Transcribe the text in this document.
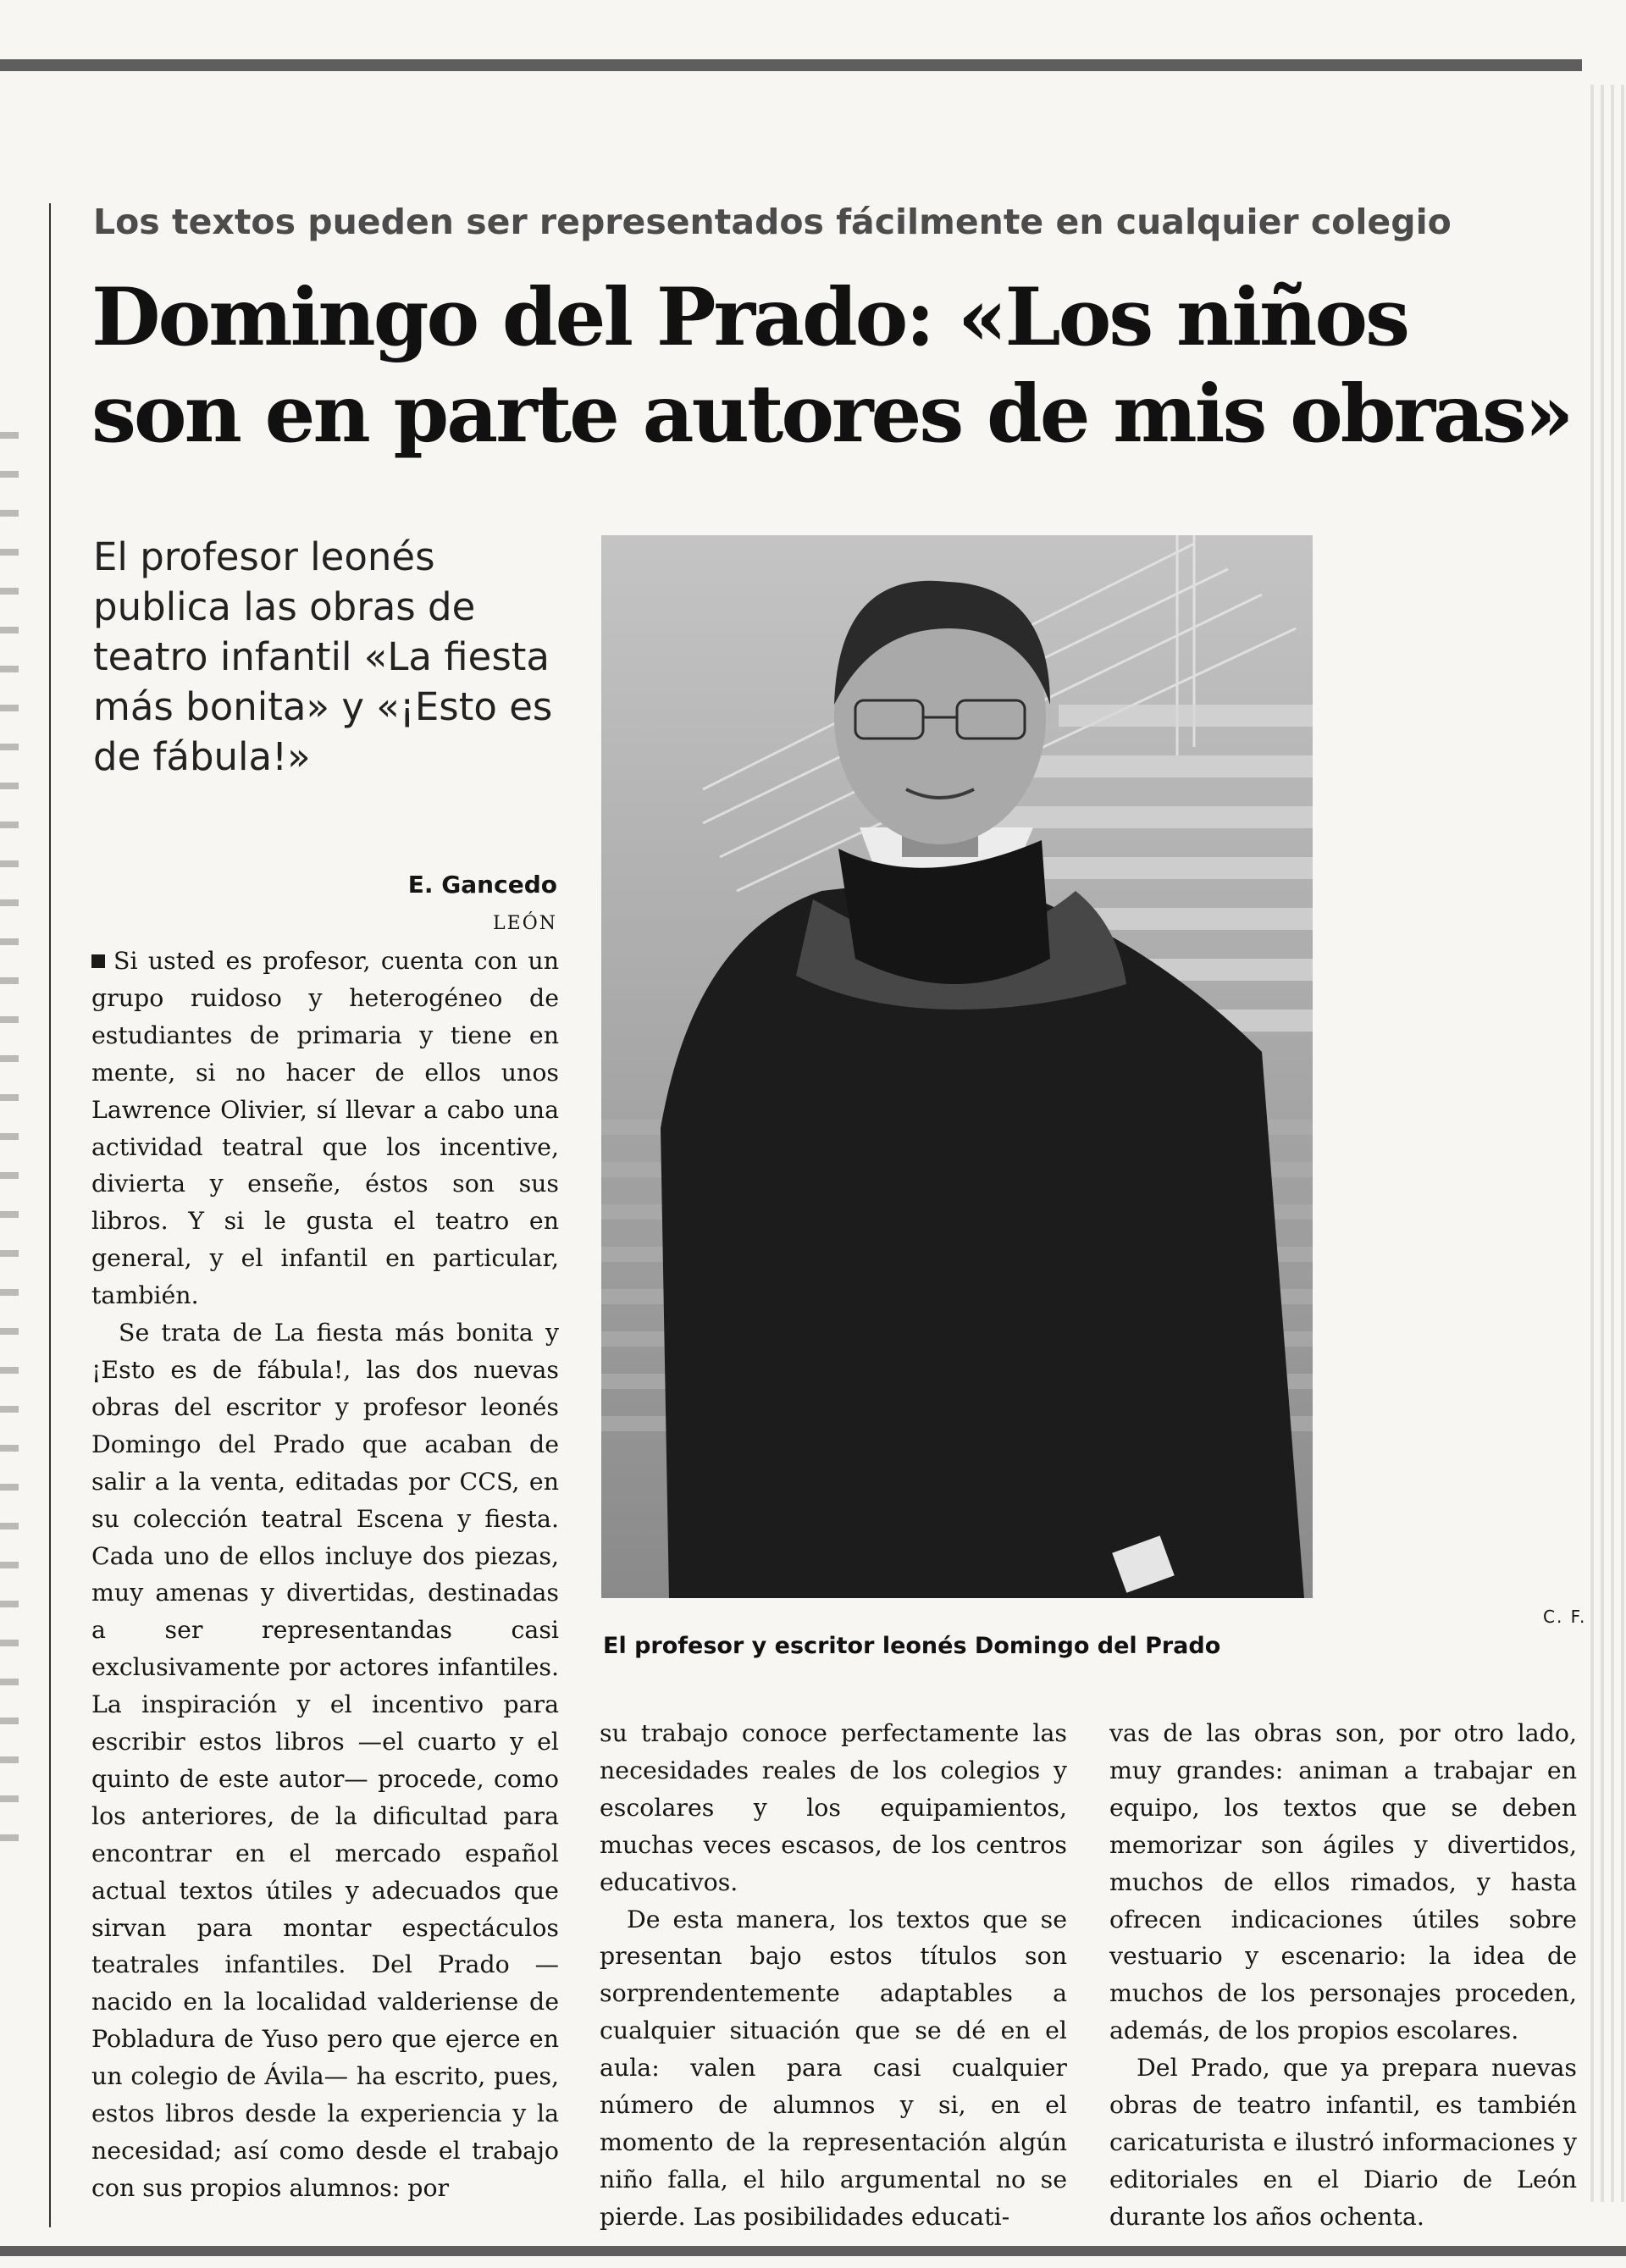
Los textos pueden ser representados fácilmente en cualquier colegio
Domingo del Prado: «Los niños
son en parte autores de mis obras»
El profesor leonés publica las obras de teatro infantil «La fiesta más bonita» y «¡Esto es de fábula!»
E. Gancedo
LEÓN

Si usted es profesor, cuenta con un grupo ruidoso y heterogéneo de estudiantes de primaria y tiene en mente, si no hacer de ellos unos Lawrence Olivier, sí llevar a cabo una actividad teatral que los incentive, divierta y enseñe, éstos son sus libros. Y si le gusta el teatro en general, y el infantil en particular, también.

Se trata de La fiesta más bonita y ¡Esto es de fábula!, las dos nuevas obras del escritor y profesor leonés Domingo del Prado que acaban de salir a la venta, editadas por CCS, en su colección teatral Escena y fiesta. Cada uno de ellos incluye dos piezas, muy amenas y divertidas, destinadas a ser representandas casi exclusivamente por actores infantiles. La inspiración y el incentivo para escribir estos libros —el cuarto y el quinto de este autor— procede, como los anteriores, de la dificultad para encontrar en el mercado español actual textos útiles y adecuados que sirvan para montar espectáculos teatrales infantiles. Del Prado —nacido en la localidad valderiense de Pobladura de Yuso pero que ejerce en un colegio de Ávila— ha escrito, pues, estos libros desde la experiencia y la necesidad; así como desde el trabajo con sus propios alumnos: por

C. F.
El profesor y escritor leonés Domingo del Prado

su trabajo conoce perfectamente las necesidades reales de los colegios y escolares y los equipamientos, muchas veces escasos, de los centros educativos.

De esta manera, los textos que se presentan bajo estos títulos son sorprendentemente adaptables a cualquier situación que se dé en el aula: valen para casi cualquier número de alumnos y si, en el momento de la representación algún niño falla, el hilo argumental no se pierde. Las posibilidades educati-

vas de las obras son, por otro lado, muy grandes: animan a trabajar en equipo, los textos que se deben memorizar son ágiles y divertidos, muchos de ellos rimados, y hasta ofrecen indicaciones útiles sobre vestuario y escenario: la idea de muchos de los personajes proceden, además, de los propios escolares.

Del Prado, que ya prepara nuevas obras de teatro infantil, es también caricaturista e ilustró informaciones y editoriales en el Diario de León durante los años ochenta.
